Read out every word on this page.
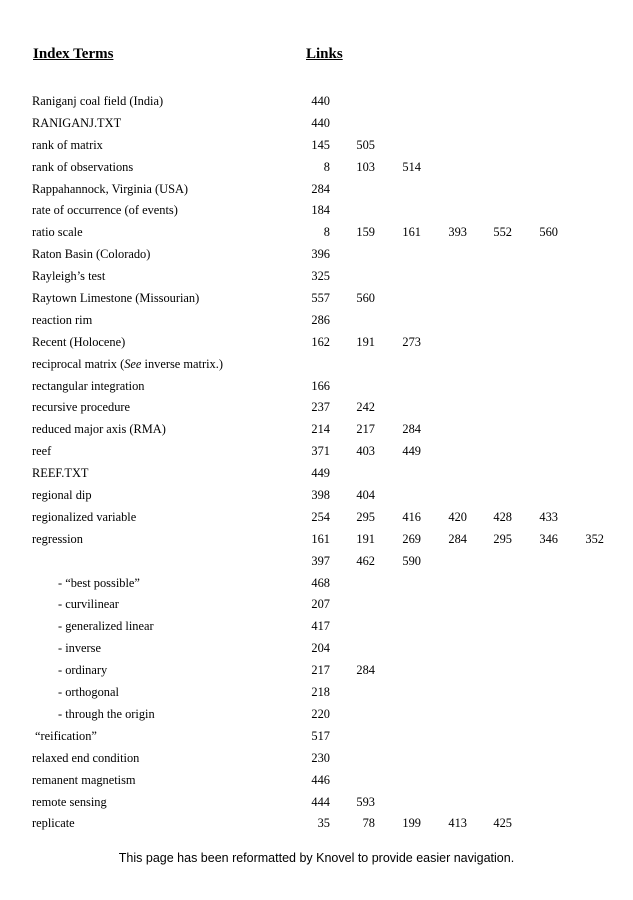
Index Terms	Links
Raniganj coal field (India)	440
RANIGANJ.TXT	440
rank of matrix	145	505
rank of observations	8	103	514
Rappahannock, Virginia (USA)	284
rate of occurrence (of events)	184
ratio scale	8	159	161	393	552	560
Raton Basin (Colorado)	396
Rayleigh’s test	325
Raytown Limestone (Missourian)	557	560
reaction rim	286
Recent (Holocene)	162	191	273
reciprocal matrix (See inverse matrix.)
rectangular integration	166
recursive procedure	237	242
reduced major axis (RMA)	214	217	284
reef	371	403	449
REEF.TXT	449
regional dip	398	404
regionalized variable	254	295	416	420	428	433
regression	161	191	269	284	295	346	352
397	462	590
- “best possible”	468
- curvilinear	207
- generalized linear	417
- inverse	204
- ordinary	217	284
- orthogonal	218
- through the origin	220
“reification”	517
relaxed end condition	230
remanent magnetism	446
remote sensing	444	593
replicate	35	78	199	413	425
This page has been reformatted by Knovel to provide easier navigation.
